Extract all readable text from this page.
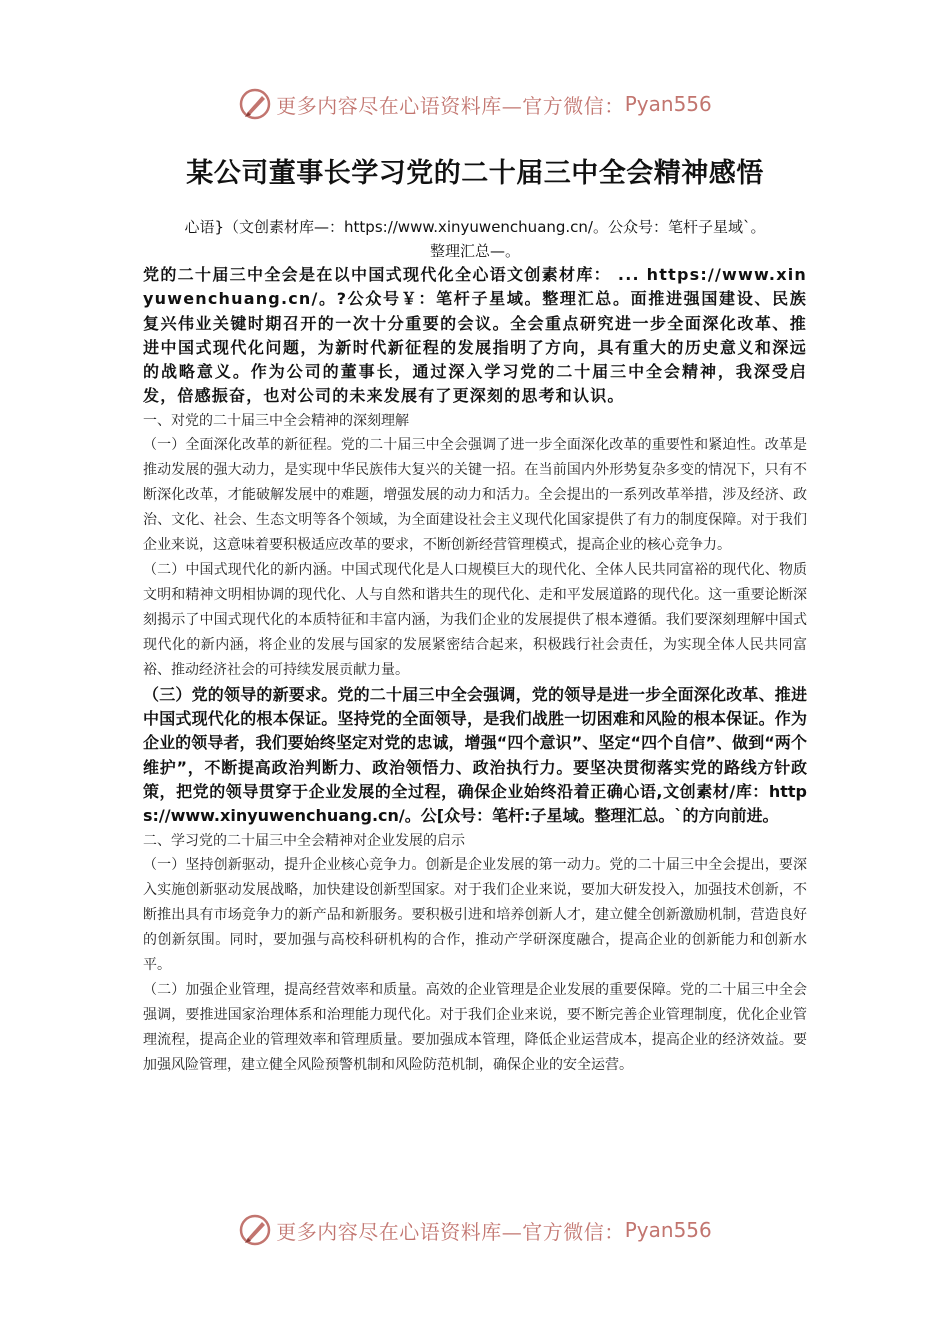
更多内容尽在心语资料库—官方微信： Pyan556
某公司董事长学习党的二十届三中全会精神感悟
心语}（文创素材库—：https://www.xinyuwenchuang.cn/。公众号：笔杆子星域`。
整理汇总—。
党的二十届三中全会是在以中国式现代化全心语文创素材库： ... https://www.xinyuwenchuang.cn/。?公众号￥：笔杆子星域。整理汇总。面推进强国建设、民族复兴伟业关键时期召开的一次十分重要的会议。全会重点研究进一步全面深化改革、推进中国式现代化问题，为新时代新征程的发展指明了方向，具有重大的历史意义和深远的战略意义。作为公司的董事长，通过深入学习党的二十届三中全会精神，我深受启发，倍感振奋，也对公司的未来发展有了更深刻的思考和认识。
一、对党的二十届三中全会精神的深刻理解
（一）全面深化改革的新征程。党的二十届三中全会强调了进一步全面深化改革的重要性和紧迫性。改革是推动发展的强大动力，是实现中华民族伟大复兴的关键一招。在当前国内外形势复杂多变的情况下，只有不断深化改革，才能破解发展中的难题，增强发展的动力和活力。全会提出的一系列改革举措，涉及经济、政治、文化、社会、生态文明等各个领域，为全面建设社会主义现代化国家提供了有力的制度保障。对于我们企业来说，这意味着要积极适应改革的要求，不断创新经营管理模式，提高企业的核心竞争力。
（二）中国式现代化的新内涵。中国式现代化是人口规模巨大的现代化、全体人民共同富裕的现代化、物质文明和精神文明相协调的现代化、人与自然和谐共生的现代化、走和平发展道路的现代化。这一重要论断深刻揭示了中国式现代化的本质特征和丰富内涵，为我们企业的发展提供了根本遵循。我们要深刻理解中国式现代化的新内涵，将企业的发展与国家的发展紧密结合起来，积极践行社会责任，为实现全体人民共同富裕、推动经济社会的可持续发展贡献力量。
（三）党的领导的新要求。党的二十届三中全会强调，党的领导是进一步全面深化改革、推进中国式现代化的根本保证。坚持党的全面领导，是我们战胜一切困难和风险的根本保证。作为企业的领导者，我们要始终坚定对党的忠诚，增强“四个意识”、坚定“四个自信”、做到“两个维护”，不断提高政治判断力、政治领悟力、政治执行力。要坚决贯彻落实党的路线方针政策，把党的领导贯穿于企业发展的全过程，确保企业始终沿着正确心语,文创素材/库：https://www.xinyuwenchuang.cn/。公[众号：笔杆:子星域。整理汇总。`的方向前进。
二、学习党的二十届三中全会精神对企业发展的启示
（一）坚持创新驱动，提升企业核心竞争力。创新是企业发展的第一动力。党的二十届三中全会提出，要深入实施创新驱动发展战略，加快建设创新型国家。对于我们企业来说，要加大研发投入，加强技术创新，不断推出具有市场竞争力的新产品和新服务。要积极引进和培养创新人才，建立健全创新激励机制，营造良好的创新氛围。同时，要加强与高校科研机构的合作，推动产学研深度融合，提高企业的创新能力和创新水平。
（二）加强企业管理，提高经营效率和质量。高效的企业管理是企业发展的重要保障。党的二十届三中全会强调，要推进国家治理体系和治理能力现代化。对于我们企业来说，要不断完善企业管理制度，优化企业管理流程，提高企业的管理效率和管理质量。要加强成本管理，降低企业运营成本，提高企业的经济效益。要加强风险管理，建立健全风险预警机制和风险防范机制，确保企业的安全运营。
更多内容尽在心语资料库—官方微信： Pyan556
